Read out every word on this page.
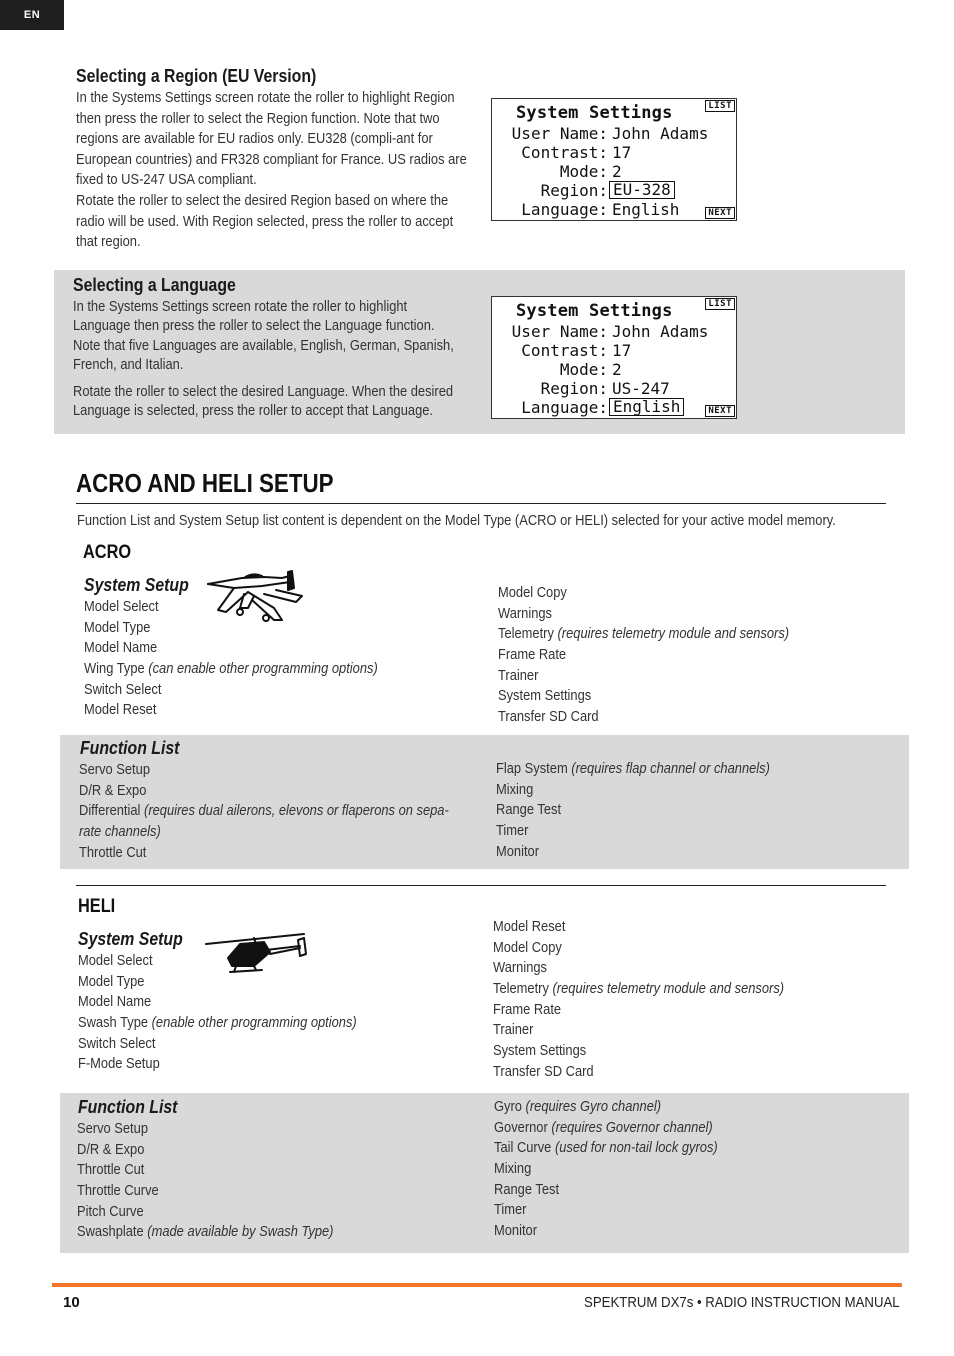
EN
Selecting a Region (EU Version)

In the Systems Settings screen rotate the roller to highlight Region then press the roller to select the Region function. Note that two regions are available for EU radios only. EU328 (compli-ant for European countries) and FR328 compliant for France. US radios are fixed to US-247 USA compliant.

Rotate the roller to select the desired Region based on where the radio will be used. With Region selected, press the roller to accept that region.

System Settings	LIST
NEXT
User Name: John Adams
Contrast: 17
Mode: 2
Region: EU-328
Language: English
Selecting a Language

In the Systems Settings screen rotate the roller to highlight Language then press the roller to select the Language function. Note that five Languages are available, English, German, Spanish, French, and Italian.

Rotate the roller to select the desired Language. When the desired Language is selected, press the roller to accept that Language.

System Settings	LIST
NEXT
User Name: John Adams
Contrast: 17
Mode: 2
Region: US-247
Language: English
ACRO AND HELI SETUP
Function List and System Setup list content is dependent on the Model Type (ACRO or HELI) selected for your active model memory.
ACRO
System Setup
Model Select
Model Type
Model Name
Wing Type (can enable other programming options)
Switch Select
Model Reset
Model Copy
Warnings
Telemetry (requires telemetry module and sensors)
Frame Rate
Trainer
System Settings
Transfer SD Card
Function List
Servo Setup
D/R & Expo
Differential (requires dual ailerons, elevons or flaperons on sepa-
rate channels)
Throttle Cut
Flap System (requires flap channel or channels)
Mixing
Range Test
Timer
Monitor
HELI
System Setup
Model Select
Model Type
Model Name
Swash Type (enable other programming options)
Switch Select
F-Mode Setup
Model Reset
Model Copy
Warnings
Telemetry (requires telemetry module and sensors)
Frame Rate
Trainer
System Settings
Transfer SD Card
Function List
Servo Setup
D/R & Expo
Throttle Cut
Throttle Curve
Pitch Curve
Swashplate (made available by Swash Type)
Gyro (requires Gyro channel)
Governor (requires Governor channel)
Tail Curve (used for non-tail lock gyros)
Mixing
Range Test
Timer
Monitor
10	SPEKTRUM DX7s • RADIO INSTRUCTION MANUAL
